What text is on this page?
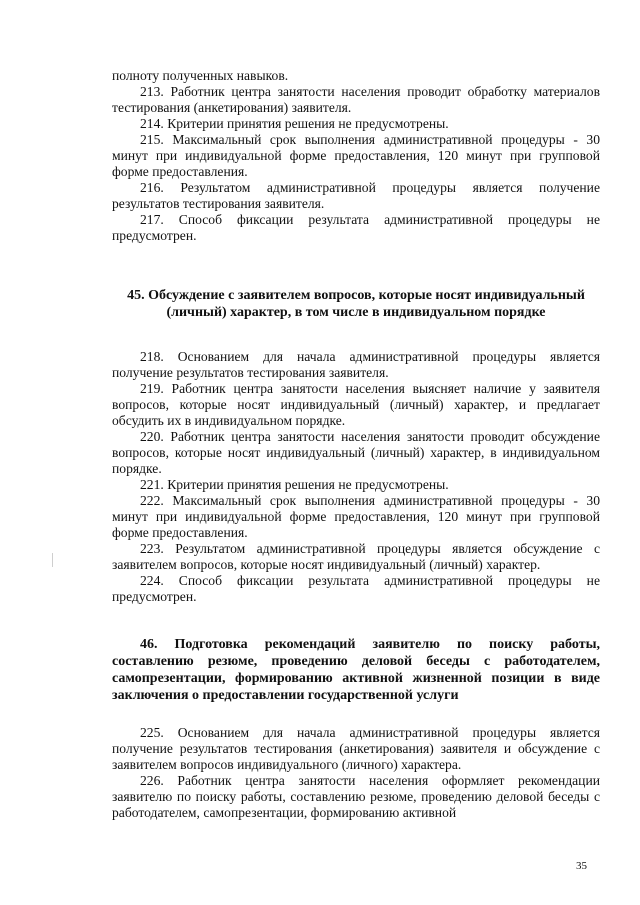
полноту полученных навыков.

213. Работник центра занятости населения проводит обработку материалов тестирования (анкетирования) заявителя.

214. Критерии принятия решения не предусмотрены.

215. Максимальный срок выполнения административной процедуры - 30 минут при индивидуальной форме предоставления, 120 минут при групповой форме предоставления.

216. Результатом административной процедуры является получение результатов тестирования заявителя.

217. Способ фиксации результата административной процедуры не предусмотрен.

45. Обсуждение с заявителем вопросов, которые носят индивидуальный (личный) характер, в том числе в индивидуальном порядке

218. Основанием для начала административной процедуры является получение результатов тестирования заявителя.

219. Работник центра занятости населения выясняет наличие у заявителя вопросов, которые носят индивидуальный (личный) характер, и предлагает обсудить их в индивидуальном порядке.

220. Работник центра занятости населения занятости проводит обсуждение вопросов, которые носят индивидуальный (личный) характер, в индивидуальном порядке.

221. Критерии принятия решения не предусмотрены.

222. Максимальный срок выполнения административной процедуры - 30 минут при индивидуальной форме предоставления, 120 минут при групповой форме предоставления.

223. Результатом административной процедуры является обсуждение с заявителем вопросов, которые носят индивидуальный (личный) характер.

224. Способ фиксации результата административной процедуры не предусмотрен.

46. Подготовка рекомендаций заявителю по поиску работы, составлению резюме, проведению деловой беседы с работодателем, самопрезентации, формированию активной жизненной позиции в виде заключения о предоставлении государственной услуги

225. Основанием для начала административной процедуры является получение результатов тестирования (анкетирования) заявителя и обсуждение с заявителем вопросов индивидуального (личного) характера.

226. Работник центра занятости населения оформляет рекомендации заявителю по поиску работы, составлению резюме, проведению деловой беседы с работодателем, самопрезентации, формированию активной

35
